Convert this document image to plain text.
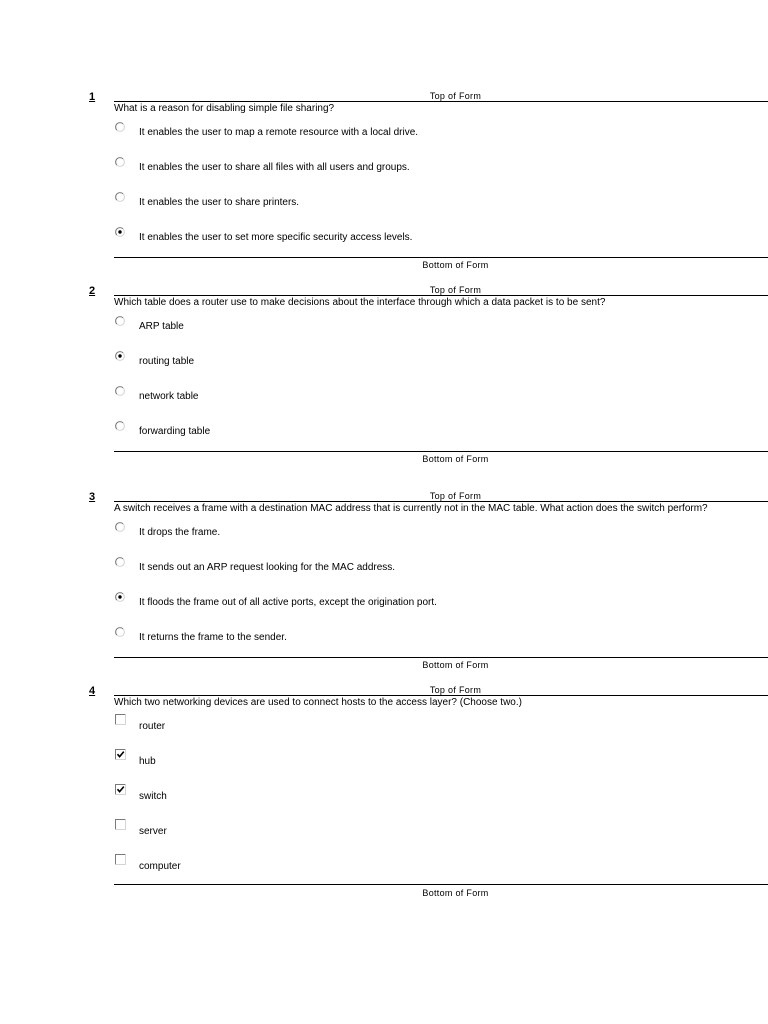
1	Top of Form
What is a reason for disabling simple file sharing?
It enables the user to map a remote resource with a local drive.
It enables the user to share all files with all users and groups.
It enables the user to share printers.
It enables the user to set more specific security access levels.
Bottom of Form
2	Top of Form
Which table does a router use to make decisions about the interface through which a data packet is to be sent?
ARP table
routing table
network table
forwarding table
Bottom of Form
3	Top of Form
A switch receives a frame with a destination MAC address that is currently not in the MAC table. What action does the switch perform?
It drops the frame.
It sends out an ARP request looking for the MAC address.
It floods the frame out of all active ports, except the origination port.
It returns the frame to the sender.
Bottom of Form
4	Top of Form
Which two networking devices are used to connect hosts to the access layer? (Choose two.)
router
hub
switch
server
computer
Bottom of Form
